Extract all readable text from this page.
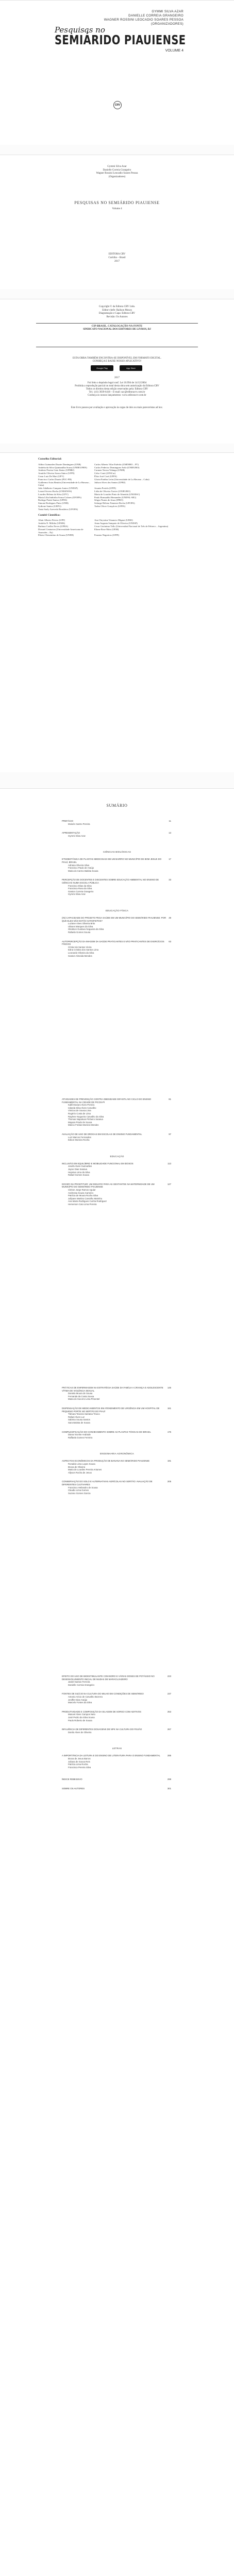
GYMMI SILVA AZAR
DANIELLE CORREIA GRANGEIRO
WAGNER ROSSINI LEOCADIO SOARES PESSOA
(ORGANIZADORES)
Pesquisas no
SEMIÁRIDO PIAUIENSE
VOLUME 4
CRV
Gymmi Silva Azar
Danielle Correia Grangeiro
Wagner Rossini Leocadio Soares Pessoa
(Organizadores)
PESQUISAS NO SEMIÁRIDO PIAUIENSE
Volume 4
EDITORA CRV
Curitiba – Brasil
2017
Copyright © da Editora CRV Ltda.
Editor-chefe: Railson Moura
Diagramação e Capa: Editora CRV
Revisão: Os Autores
CIP-BRASIL. CATALOGAÇÃO-NA-FONTE
SINDICATO NACIONAL DOS EDITORES DE LIVROS, RJ
ESTA OBRA TAMBÉM ENCONTRA-SE DISPONÍVEL EM FORMATO DIGITAL.
CONHEÇA E BAIXE NOSSO APLICATIVO!
Google Play	App Store
2017
Foi feito o depósito legal conf. Lei 10.994 de 14/12/2004
Proibida a reprodução parcial ou total desta obra sem autorização da Editora CRV
Todos os direitos desta edição reservados pela: Editora CRV
Tel.: (41) 3039-6418 – E-mail: sac@editoracrv.com.br
Conheça os nossos lançamentos: www.editoracrv.com.br
Este livro passou por avaliação e aprovação às cegas de dois ou mais pareceristas ad hoc.
Conselho Editorial:
Aldira Guimarães Duarte Domínguez (UNB)	Carlos Alberto Vilar Estêvão (UMINHO – PT)
Andréia da Silva Quintanilha Sousa (UNIR/UFRN)	Carlos Federico Dominguez Avila (UNIEURO)
Antônio Pereira Gaio Júnior (UFRRJ)	Carmen Tereza Velanga (UNIR)
Arnaldo Oliveira Souza Júnior (UFPI)	Celso Conti (UFSCar)
Cezar Luiz De Mari (UFV)	Élsio José Corá (UFFS)
Francisco Carlos Duarte (PUC-PR)	Gloria Fariñas León (Universidade de La Havana – Cuba)
Guillermo Arias Beatón (Universidade de La Havana – Cuba)
Jailson Alves dos Santos (UFRJ)
João Adalberto Campato Junior (UNESP)	Josania Portela (UFPI)
Leonel Severo Rocha (UNISINOS)	Lídia de Oliveira Xavier (UNIEURO)
Lourdes Helena da Silva (UFV)	Maria de Lourdes Pinto de Almeida (UNOESC)
Maria Lília Imbiriba Sousa Colares (UFOPA)	Paulo Romualdo Hernandes (UNIFAL-MG)
Rodrigo Pratte-Santos (UFES)	Sérgio Nunes de Jesus (IFRO)
Simone Rodrigues Pinto (UNB)	Solange Helena Ximenes-Rocha (UFOPA)
Sydione Santos (UEPG)	Tadeu Oliver Gonçalves (UFPA)
Tania Suely Azevedo Brasileiro (UFOPA)
Comitê Científico:
Altair Alberto Fávero (UPF)	Ana Chrystina Venancio Mignot (UERJ)
Andréia N. Militão (UEMS)	Anna Augusta Sampaio de Oliveira (UNESP)
Barbara Coelho Neves (UFBA)	Cesar Gerónimo Tello (Universidad Nacional de Três de Febrero – Argentina)
Diosnel Centurion (Universidade Americana de Asunción – Py)
Eliane Rose Maio (UEM)
Elizeu Clementino de Souza (UNEB)	Fauston Negreiros (UFPI)
SUMÁRIO
PREFÁCIO	11
Moisés Castro Pereira
APRESENTAÇÃO	13
Gymmi Silva Azar
CIÊNCIAS BIOLÓGICAS
ETNOBOTÂNICA DE PLANTAS MEDICINAIS EM UM BAIRRO NO MUNICÍPIO DE BOM JESUS DO PIAUÍ, BRASIL
17
Adriana Oliveira Silva
Francisco Paulo de Araújo
Maria do Carmo Batista Sousa
PERCEPÇÃO DE DOCENTES E DISCENTES SOBRE EDUCAÇÃO AMBIENTAL NO ENSINO DE CIÊNCIAS NUMA ESCOLA PÚBLICA
33
Francisco Elias da Silva
Francisca Rosa da Silva
Gaston Correia Grangeiro
Gymmi Silva Azar
EDUCAÇÃO FÍSICA
(IN) CAPACIDADE DO PROJETO PEGA SAÚDE EM UM MUNICÍPIO DO SEMIÁRIDO PIAUIENSE: POR QUE ELES NÃO ESTÃO SATISFEITOS?
49
Luziane Alves Oliveira Brito
Ulisses Marques da Silva
Gleidson Gustavo Nogueira da Silva
Rafaela Gomes Sousa
AUTOPERCEPÇÃO DA IMAGEM DA SAÚDE PRATICANTES E NÃO PRATICANTES DE EXERCÍCIOS FÍSICOS
63
Cíntia Isis Santos Vieira
Edna Cristina dos Santos Lima
Leonardo Oliveira da Silva
Gaston Almeida Mendes
ATIVIDADES DE PREVENÇÃO CONTRA OBESIDADE INFANTIL NO CICLO DO ENSINO FUNDAMENTAL NA CIDADE DE PICOS-PI
81
Kallil Moraes Alves Pereira
Iolanda Silva Alves Carvalho
Vinicius de Sousa Lima
Rogério Costa de Lima
Raylene Nogueira Carvalho da Silva
Thomas Napolean Pinheiro Saraiva
Mayara Prado de Sousa
Márcio Freitas Moreira Mendes
AVALIAÇÃO DE USO DE DROGAS EM ESCOLAS DE ENSINO FUNDAMENTAL	97
Luiz Marcos Fernandes
Edson Moreira Rocha
EDUCAÇÃO
INCLUSÃO EM EQUILÍBRIO E MOBILIDADE FUNCIONAL EM IDOSOS	113
Josefa Alves Guimarães
Jayne Dias Saraiva
Hepsiva Lima da Silva
Rafael Gomes Sousa
DOCER OU PROSTITUIR: UM DESAFIO PARA AS GESTANTES NA MATERNIDADE DE UM MUNICÍPIO DO SEMIÁRIDO PIAUIENSE
127
Cleiton Jorge Ramos Aguiar
Andressa Souza Carneiro
Patrícia de Moura Rocha Silva
Jullyane Martins Carvalho Marinho
Ana Maria Rodrigues Cunha Rodriguez
Hemerson Caio Lima Pereira
PRÁTICAS DE ENFERMAGEM NA ESTRATÉGIA SAÚDE DA FAMÍLIA A CRIANÇA E ADOLESCENTE VÍTIMA DE VIOLÊNCIA SEXUAL
145
Daniela Moura de Sousa
Fernanda da Costa Sousa
Maria do Socorro Lima Pimentel
DISPENSAÇÃO DE MEDICAMENTOS EM ATENDIMENTO DE URGÊNCIA EM UM HOSPITAL DE PEQUENO PORTE NO SERTÃO DO PIAUÍ
161
Tâmara Teixeira Santana Tinoco
Rafael Alves Luz
Sabrina Sousa Santos
Sara Batista de Sousa
COMPLEXIFICAÇÃO DO CONHECIMENTO SOBRE AS PLANTAS TÓXICAS DO BRASIL	175
Diana Vicente Andrade
Raffaela Gomes Ferreira
ENGENHARIA AGRONÔMICA
ASPECTOS ECONÔMICOS DA PRODUÇÃO DE BANANA NO SEMIÁRIDO PIAUIENSE	191
Ronaldo Lima Lopes Sousa
Bruna de Oliveira
Maria de Lourdes Pereira Antunes
Allyson Rocha de Jesus
CONSERVAÇÃO DO SOLO E ALTERNATIVAS AGRÍCOLAS NO SERTÃO: AVALIAÇÃO DE DIFERENTES CULTIVARES
205
Francisco Heliandro de Sousa
Claudio Lima Gomes
Suzano Gomes Garcia
EFEITO DO USO DE BIOESTIMULANTE COM BORO E VÁRIAS DOSES DE POTÁSSIO NO DESENVOLVIMENTO INICIAL DE MUDAS DE MARACUJAZEIRO
223
Jardel Santos Ferreira
Danielle Correia Grangeiro
FONTES DE SILÍCIO NA CULTURA DO MILHO EM CONDIÇÕES DE SEMIÁRIDO	237
Antonio Aécio de Carvalho Bezerra
Jeniffer Dias Araújo
Marcelo Fontes da Silva
PRODUTIVIDADE E COMPOSIÇÃO DA SILAGEM DE SORGO COM ADITIVOS	253
Manoel Alves Campos Neto
José Pedro da Silva Sousa
Paulo Roberto de Sousa
INFLUÊNCIA DE DIFERENTES DOSAGENS DE NPK NA CULTURA DO FEIJÃO	267
Danilo Alves de Oliveira
LETRAS
A IMPORTÂNCIA DA LEITURA E DO ENSINO DE LITERATURA PARA O ENSINO FUNDAMENTAL	285
Bruna de Jesus Barros
Juliana de Sousa Reis
Patrícia Lima Rocha
Francisca Pereira Silva
ÍNDICE REMISSIVO	299
SOBRE OS AUTORES	301
